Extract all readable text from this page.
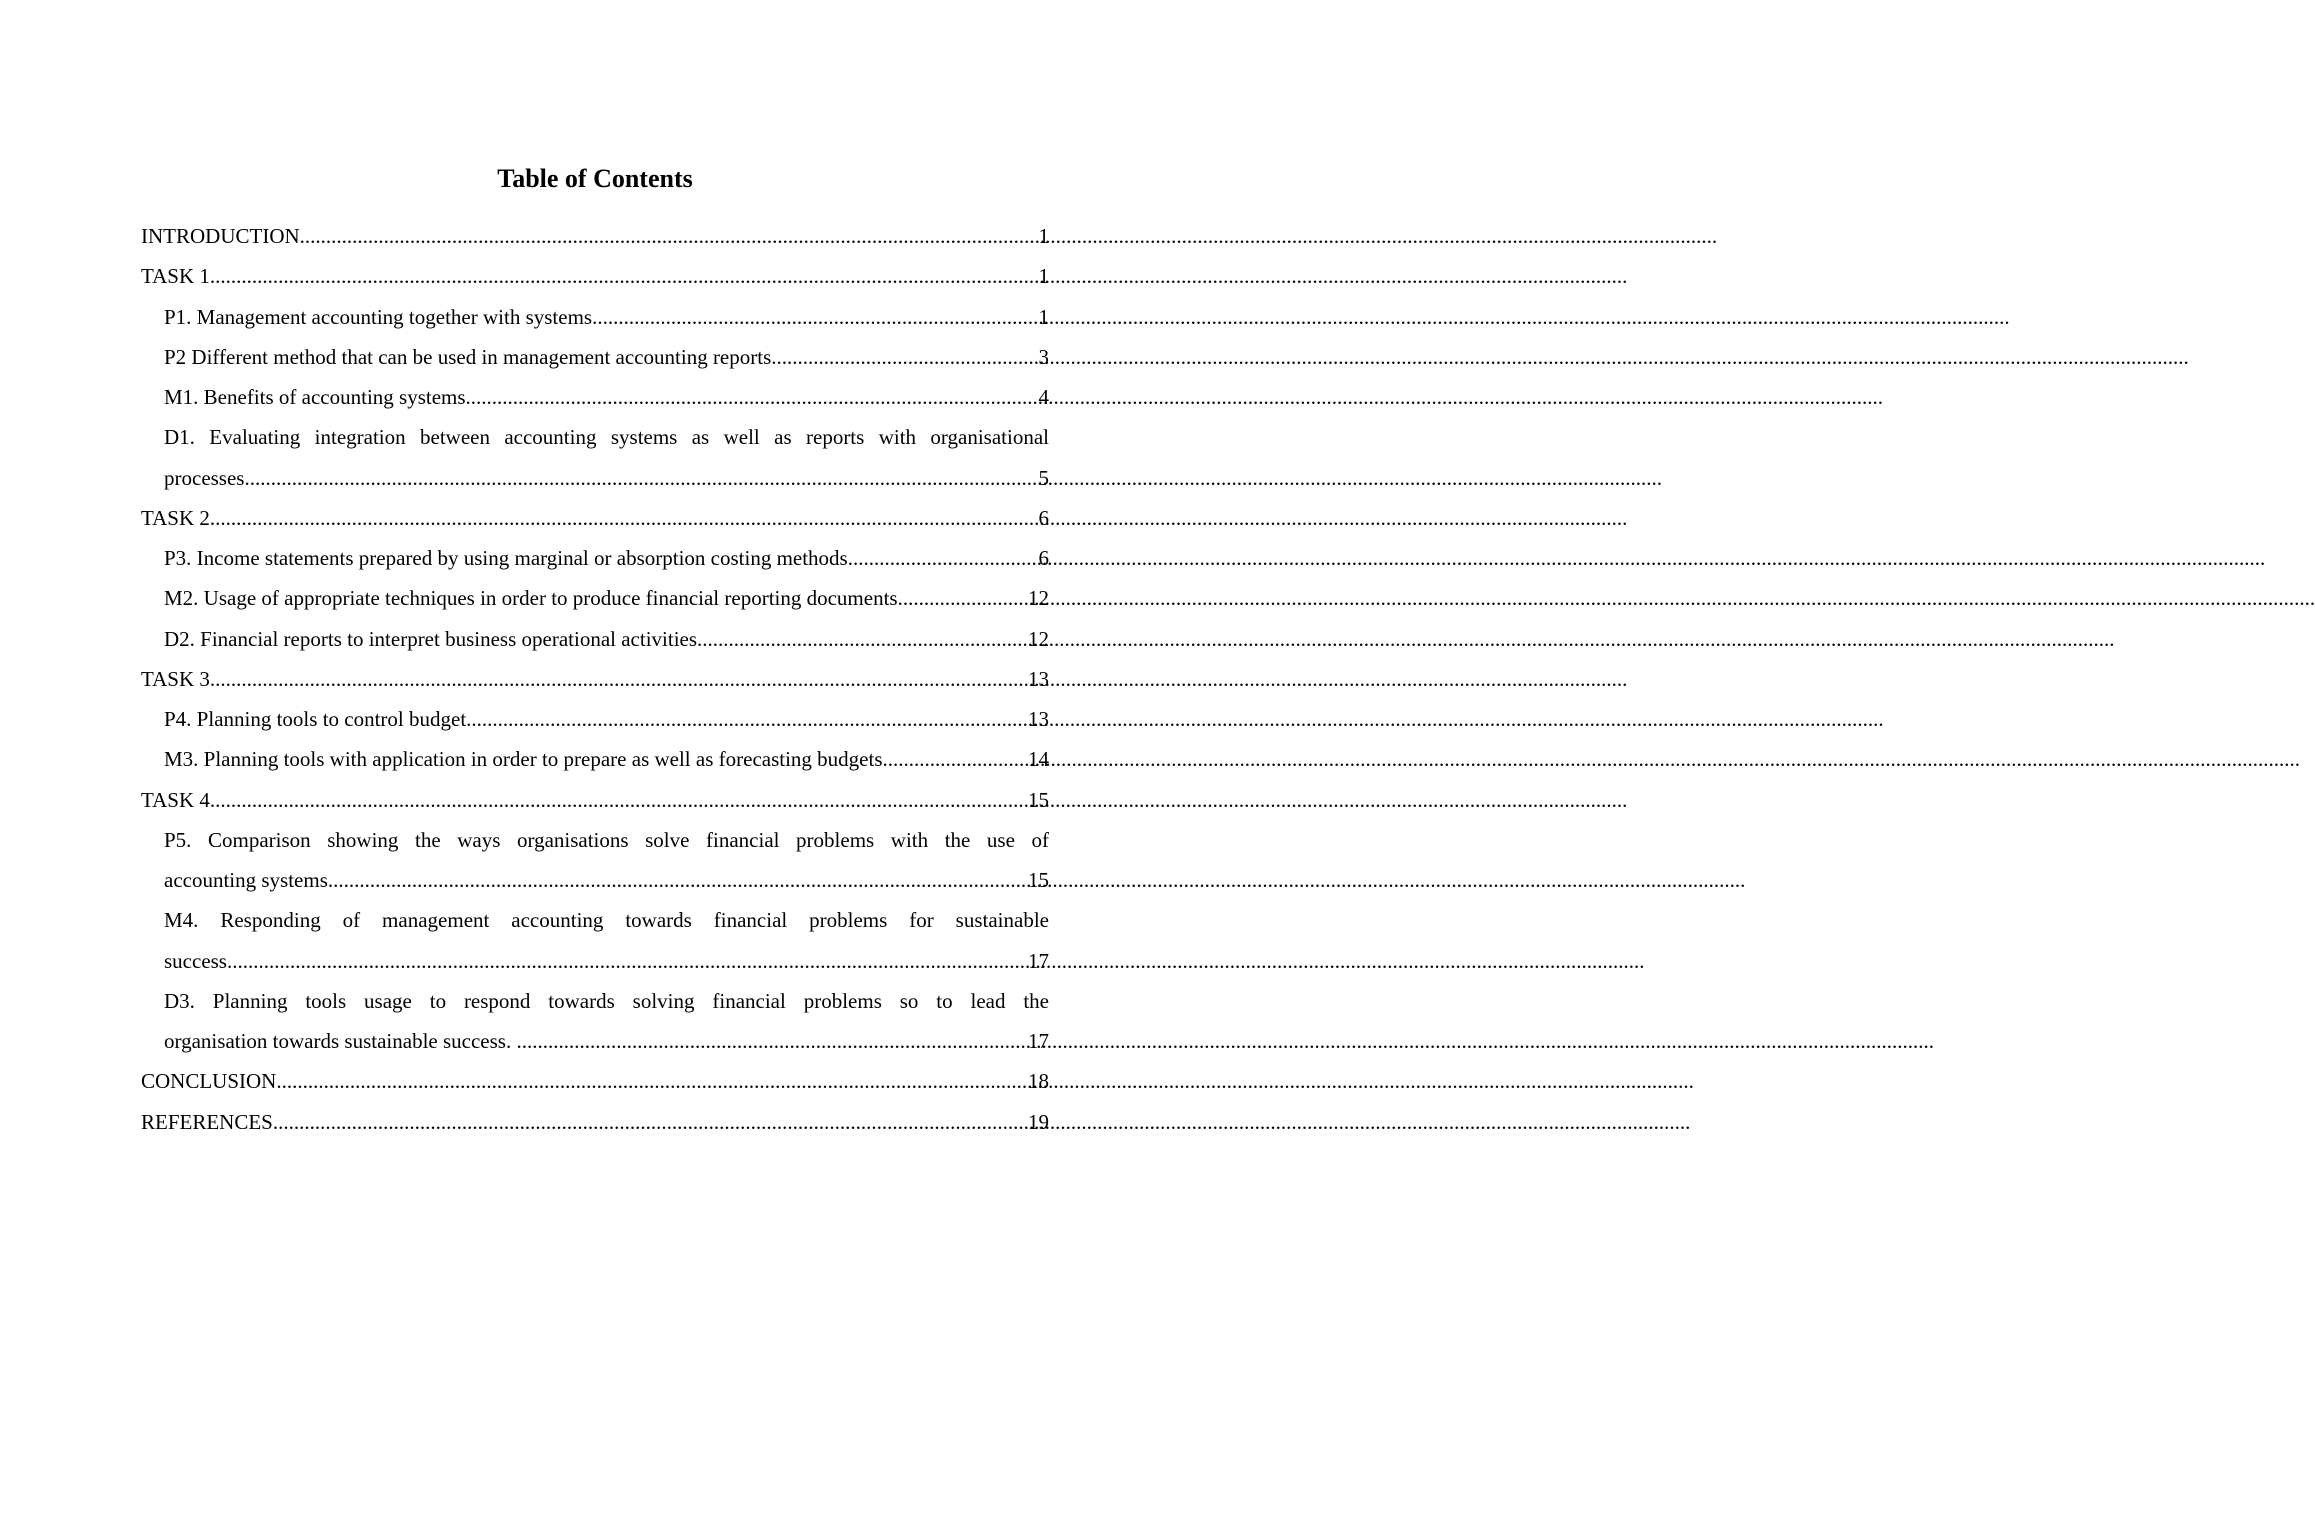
Table of Contents
INTRODUCTION .....	1
TASK 1 .....	1
P1. Management accounting together with systems .....	1
P2 Different method that can be used in management accounting reports .....	3
M1. Benefits of accounting systems .....	4
D1. Evaluating integration between accounting systems as well as reports with organisational
processes .....	5
TASK 2 .....	6
P3. Income statements prepared by using marginal or absorption costing methods .....	6
M2. Usage of appropriate techniques in order to produce financial reporting documents .....	12
D2. Financial reports to interpret business operational activities .....	12
TASK 3 .....	13
P4. Planning tools to control budget .....	13
M3. Planning tools with application in order to prepare as well as forecasting budgets .....	14
TASK 4 .....	15
P5. Comparison showing the ways organisations solve financial problems with the use of
accounting systems .....	15
M4. Responding of management accounting towards financial problems for sustainable
success .....	17
D3. Planning tools usage to respond towards solving financial problems so to lead the
organisation towards sustainable success. .....	17
CONCLUSION .....	18
REFERENCES .....	19
